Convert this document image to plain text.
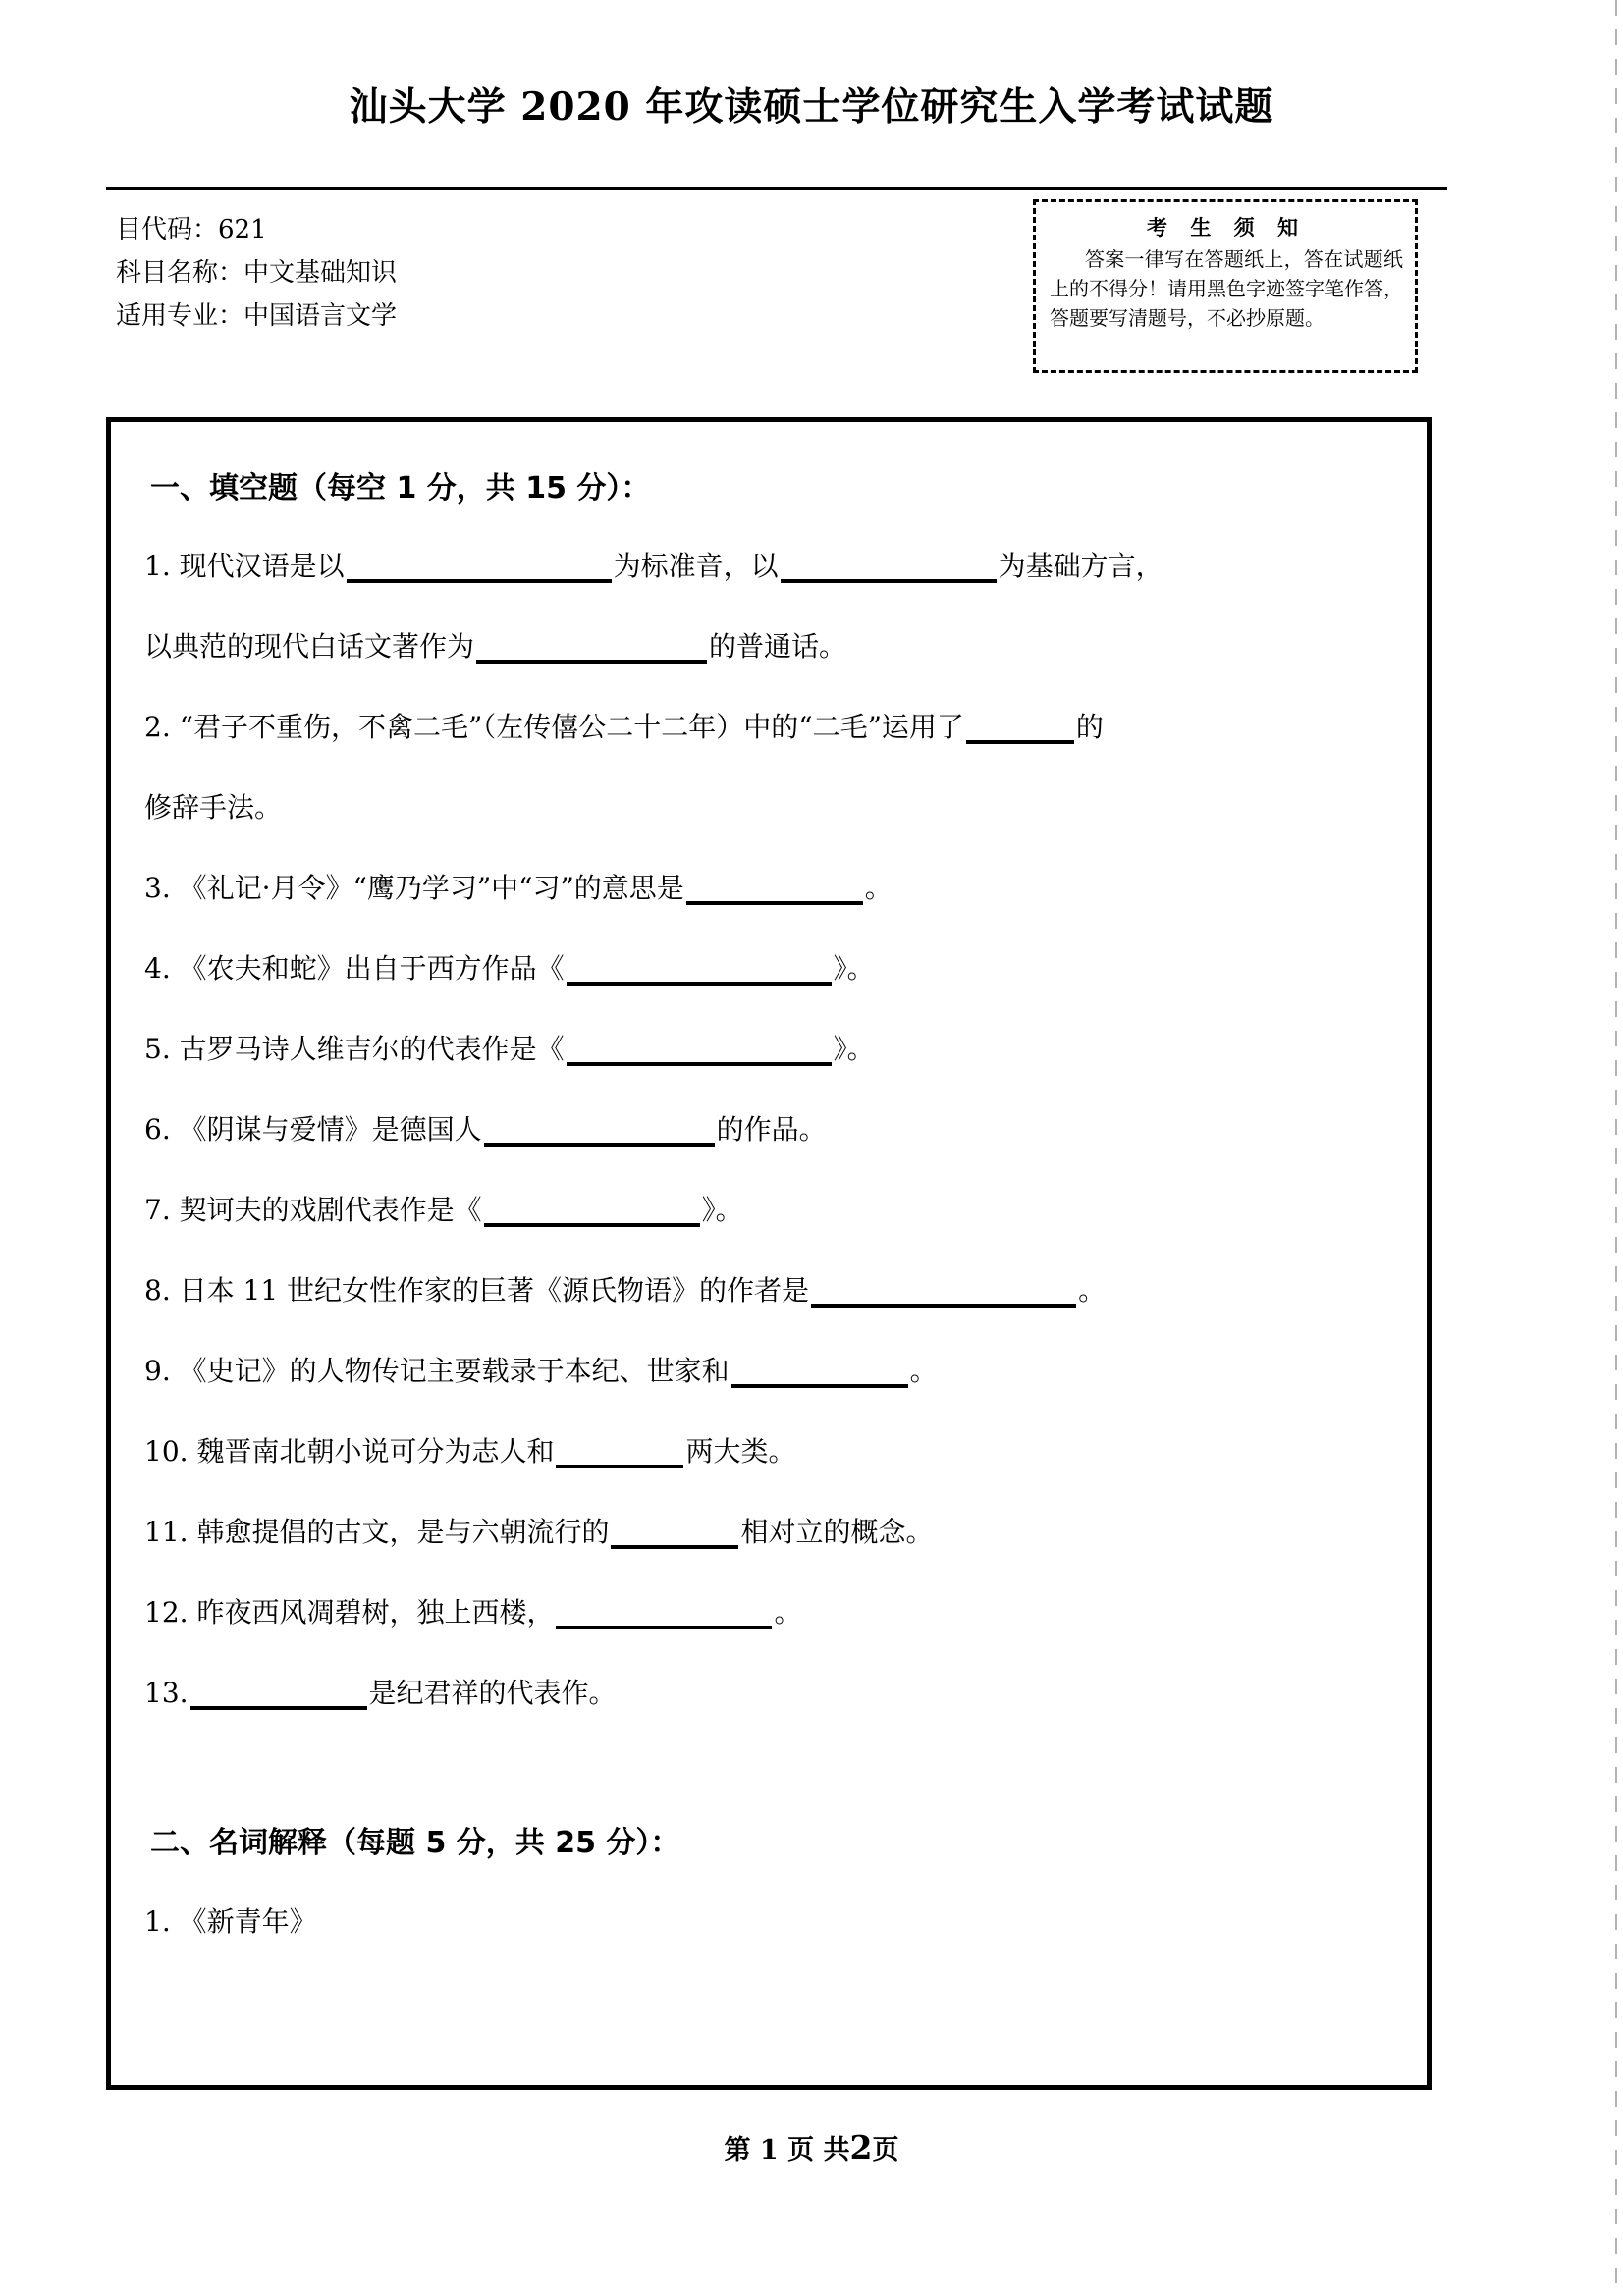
汕头大学 2020 年攻读硕士学位研究生入学考试试题
目代码：621
科目名称：中文基础知识
适用专业：中国语言文学
考 生 须 知
答案一律写在答题纸上，答在试题纸上的不得分！请用黑色字迹签字笔作答，答题要写清题号，不必抄原题。
一、填空题（每空 1 分，共 15 分）：
1. 现代汉语是以	为标准音，以	为基础方言，
以典范的现代白话文著作为	的普通话。
2. “君子不重伤，不禽二毛”（左传僖公二十二年）中的“二毛”运用了	的
修辞手法。
3. 《礼记·月令》“鹰乃学习”中“习”的意思是	。
4. 《农夫和蛇》出自于西方作品《	》。
5. 古罗马诗人维吉尔的代表作是《	》。
6. 《阴谋与爱情》是德国人	的作品。
7. 契诃夫的戏剧代表作是《	》。
8. 日本 11 世纪女性作家的巨著《源氏物语》的作者是	。
9. 《史记》的人物传记主要载录于本纪、世家和	。
10. 魏晋南北朝小说可分为志人和	两大类。
11. 韩愈提倡的古文，是与六朝流行的	相对立的概念。
12. 昨夜西风凋碧树，独上西楼，	。
13.	是纪君祥的代表作。
二、名词解释（每题 5 分，共 25 分）：
1. 《新青年》
第 1 页 共2页
